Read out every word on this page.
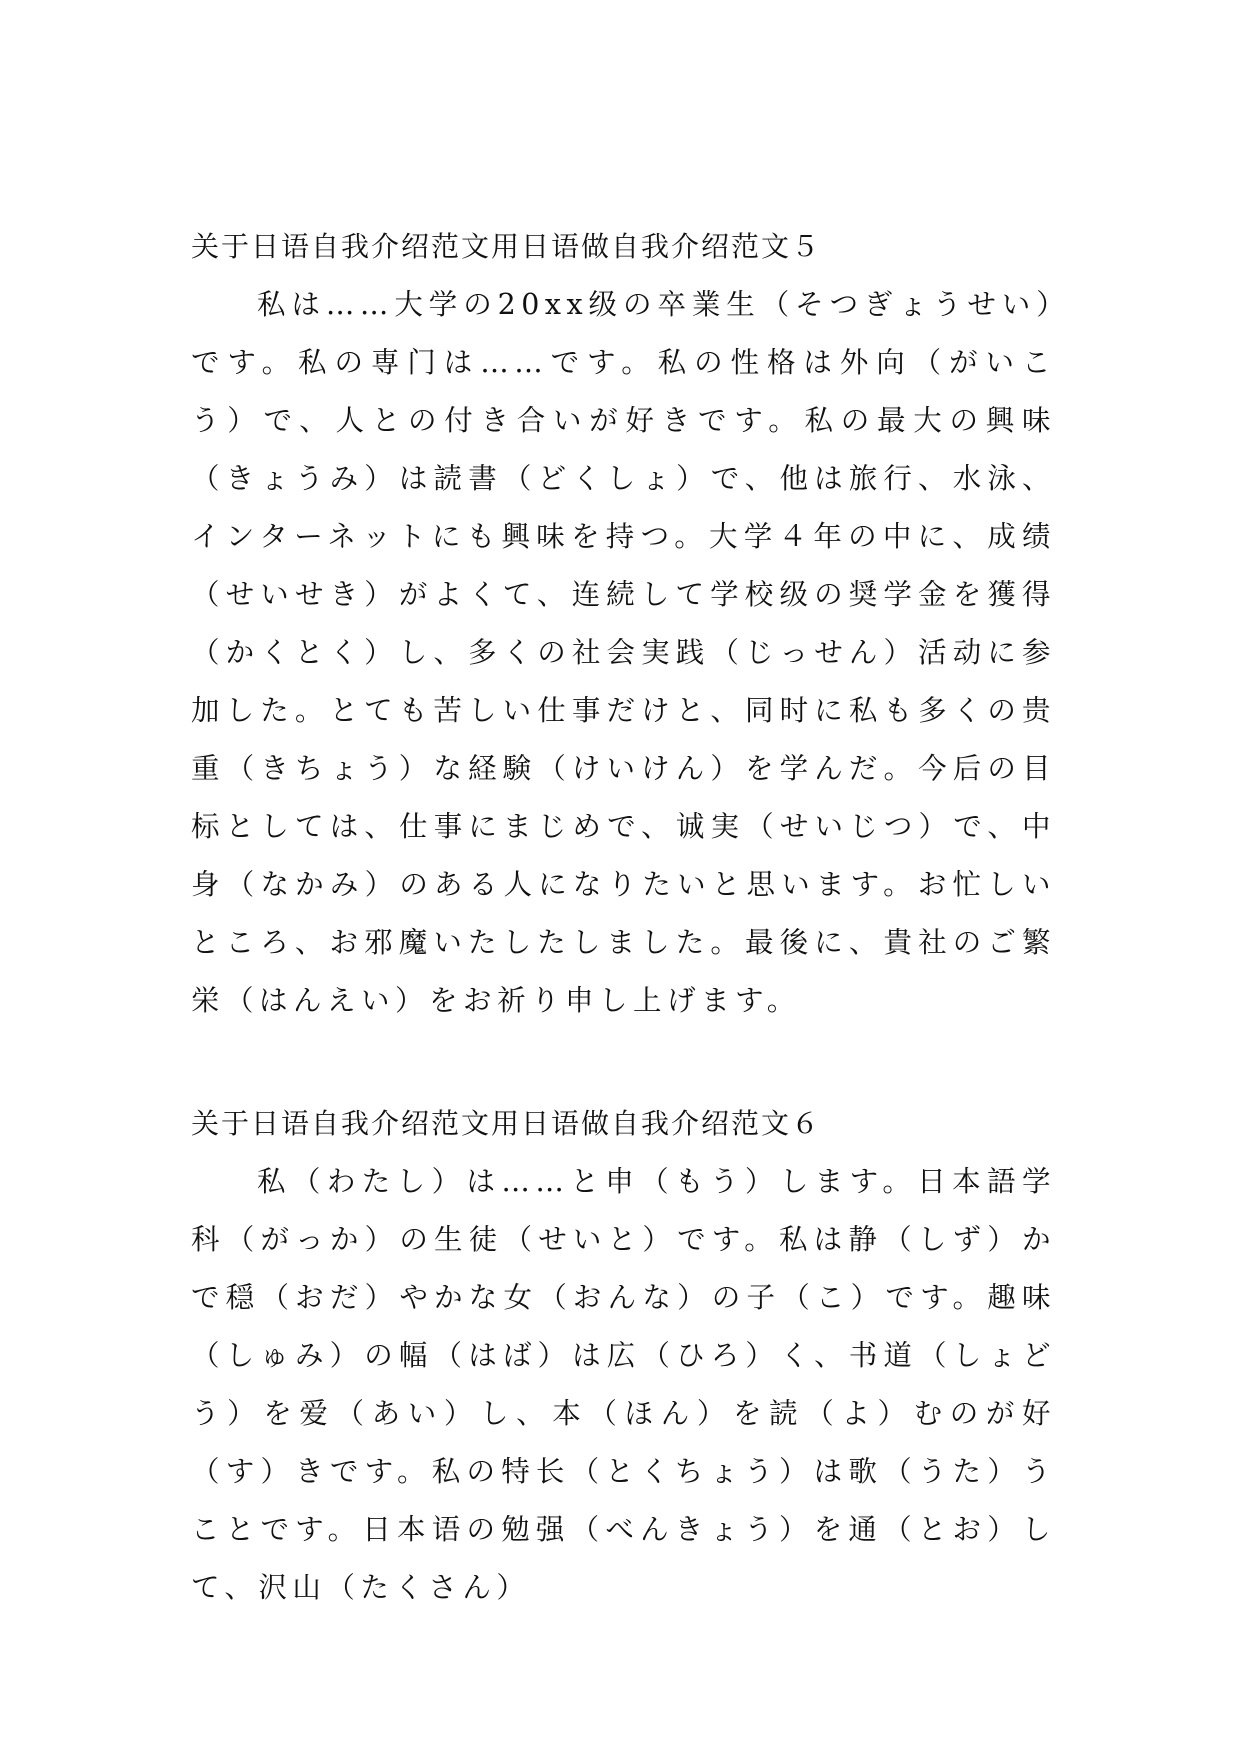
关于日语自我介绍范文用日语做自我介绍范文５

私は……大学の20xx级の卒業生（そつぎょうせい）です。私の専门は……です。私の性格は外向（がいこう）で、人との付き合いが好きです。私の最大の興味（きょうみ）は読書（どくしょ）で、他は旅行、水泳、インターネットにも興味を持つ。大学４年の中に、成绩（せいせき）がよくて、连続して学校级の奨学金を獲得（かくとく）し、多くの社会実践（じっせん）活动に参加した。とても苦しい仕事だけと、同时に私も多くの贵重（きちょう）な経験（けいけん）を学んだ。今后の目标としては、仕事にまじめで、诚実（せいじつ）で、中身（なかみ）のある人になりたいと思います。お忙しいところ、お邪魔いたしたしました。最後に、貴社のご繁栄（はんえい）をお祈り申し上げます。

关于日语自我介绍范文用日语做自我介绍范文６

私（わたし）は……と申（もう）します。日本語学科（がっか）の生徒（せいと）です。私は静（しず）かで穏（おだ）やかな女（おんな）の子（こ）です。趣味（しゅみ）の幅（はば）は広（ひろ）く、书道（しょどう）を爱（あい）し、本（ほん）を読（よ）むのが好（す）きです。私の特长（とくちょう）は歌（うた）うことです。日本语の勉强（べんきょう）を通（とお）して、沢山（たくさん）
